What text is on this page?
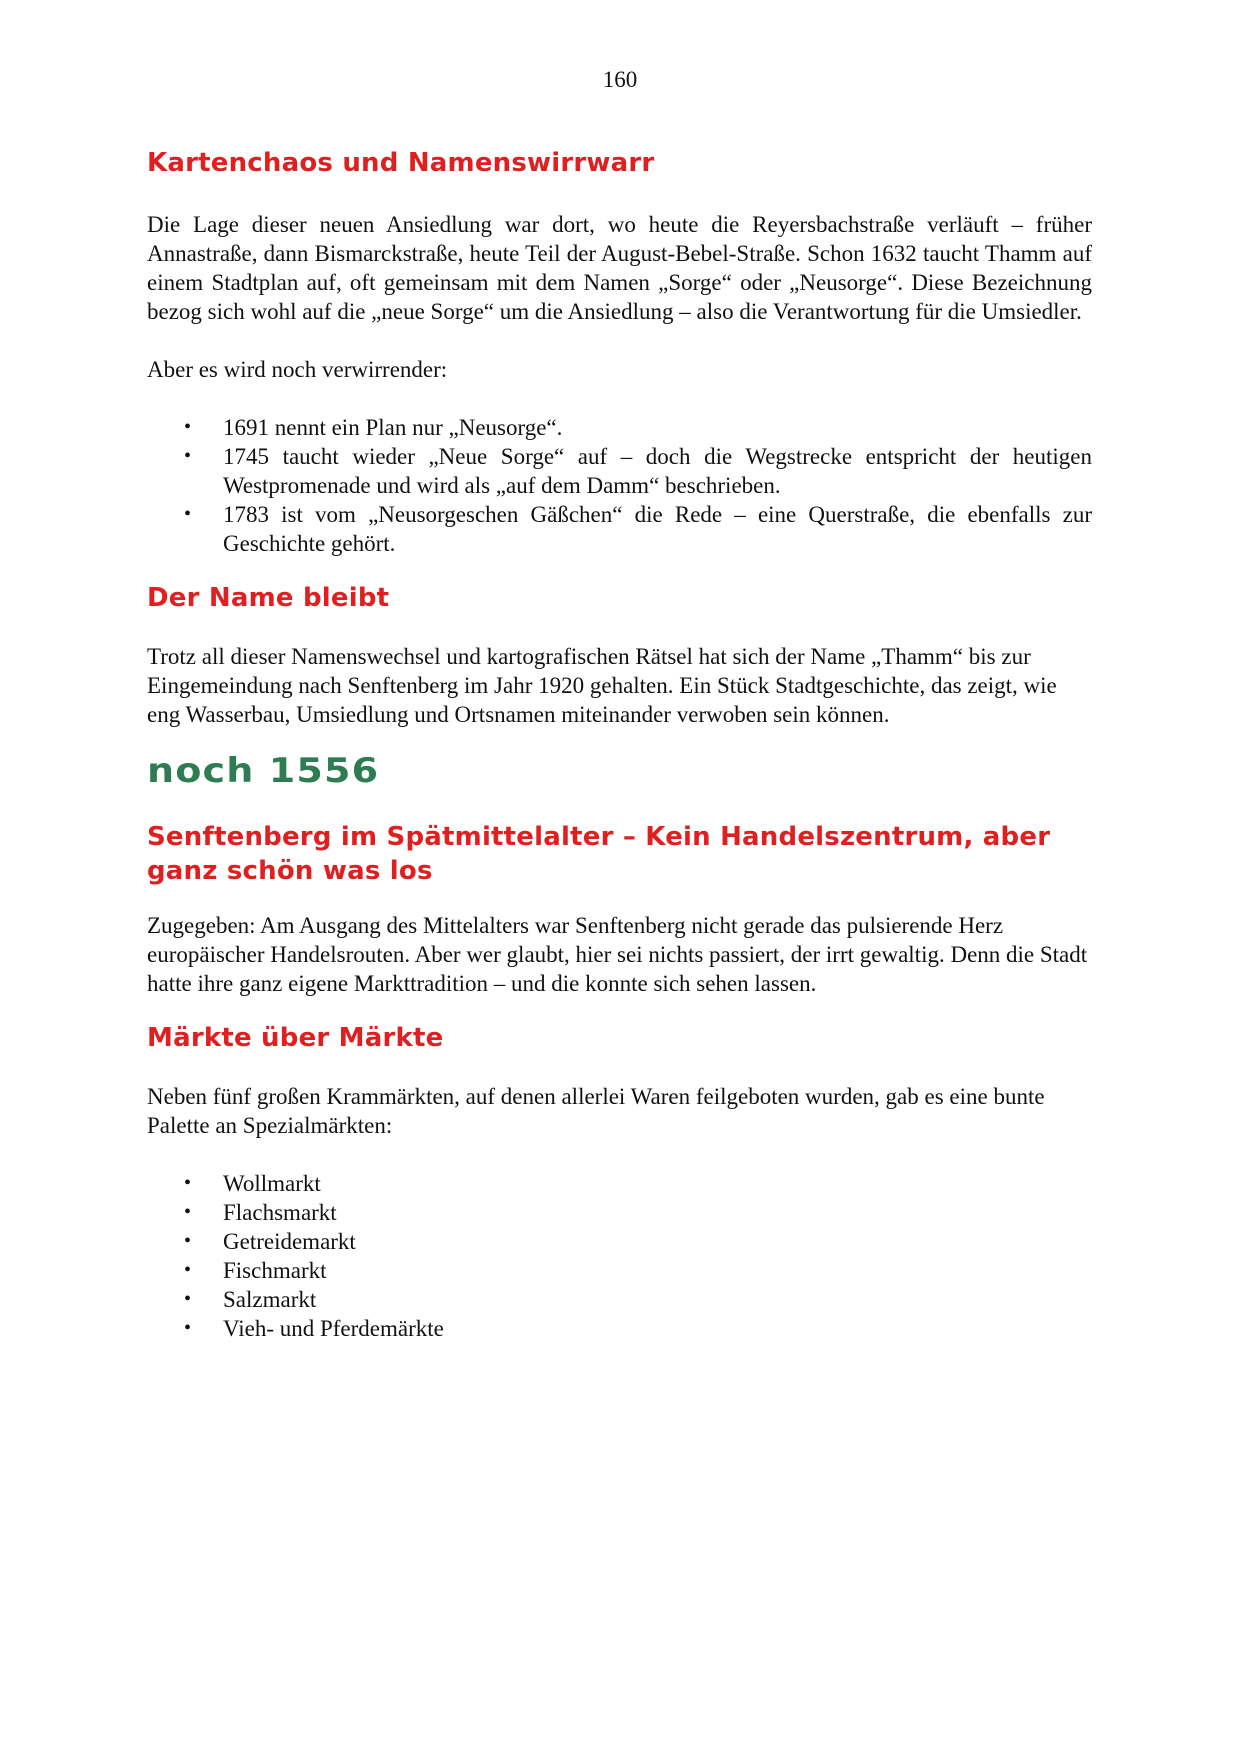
160
Kartenchaos und Namenswirrwarr

Die Lage dieser neuen Ansiedlung war dort, wo heute die Reyersbachstraße verläuft – früher Annastraße, dann Bismarckstraße, heute Teil der August-Bebel-Straße. Schon 1632 taucht Thamm auf einem Stadtplan auf, oft gemeinsam mit dem Namen „Sorge“ oder „Neusorge“. Diese Bezeichnung bezog sich wohl auf die „neue Sorge“ um die Ansiedlung – also die Verantwortung für die Umsiedler.

Aber es wird noch verwirrender:

• 1691 nennt ein Plan nur „Neusorge“.
• 1745 taucht wieder „Neue Sorge“ auf – doch die Wegstrecke entspricht der heutigen Westpromenade und wird als „auf dem Damm“ beschrieben.
• 1783 ist vom „Neusorgeschen Gäßchen“ die Rede – eine Querstraße, die ebenfalls zur Geschichte gehört.
Der Name bleibt

Trotz all dieser Namenswechsel und kartografischen Rätsel hat sich der Name „Thamm“ bis zur Eingemeindung nach Senftenberg im Jahr 1920 gehalten. Ein Stück Stadtgeschichte, das zeigt, wie eng Wasserbau, Umsiedlung und Ortsnamen miteinander verwoben sein können.

noch 1556
Senftenberg im Spätmittelalter – Kein Handelszentrum, aber ganz schön was los

Zugegeben: Am Ausgang des Mittelalters war Senftenberg nicht gerade das pulsierende Herz europäischer Handelsrouten. Aber wer glaubt, hier sei nichts passiert, der irrt gewaltig. Denn die Stadt hatte ihre ganz eigene Markttradition – und die konnte sich sehen lassen.

Märkte über Märkte

Neben fünf großen Krammärkten, auf denen allerlei Waren feilgeboten wurden, gab es eine bunte Palette an Spezialmärkten:

• Wollmarkt
• Flachsmarkt
• Getreidemarkt
• Fischmarkt
• Salzmarkt
• Vieh- und Pferdemärkte
